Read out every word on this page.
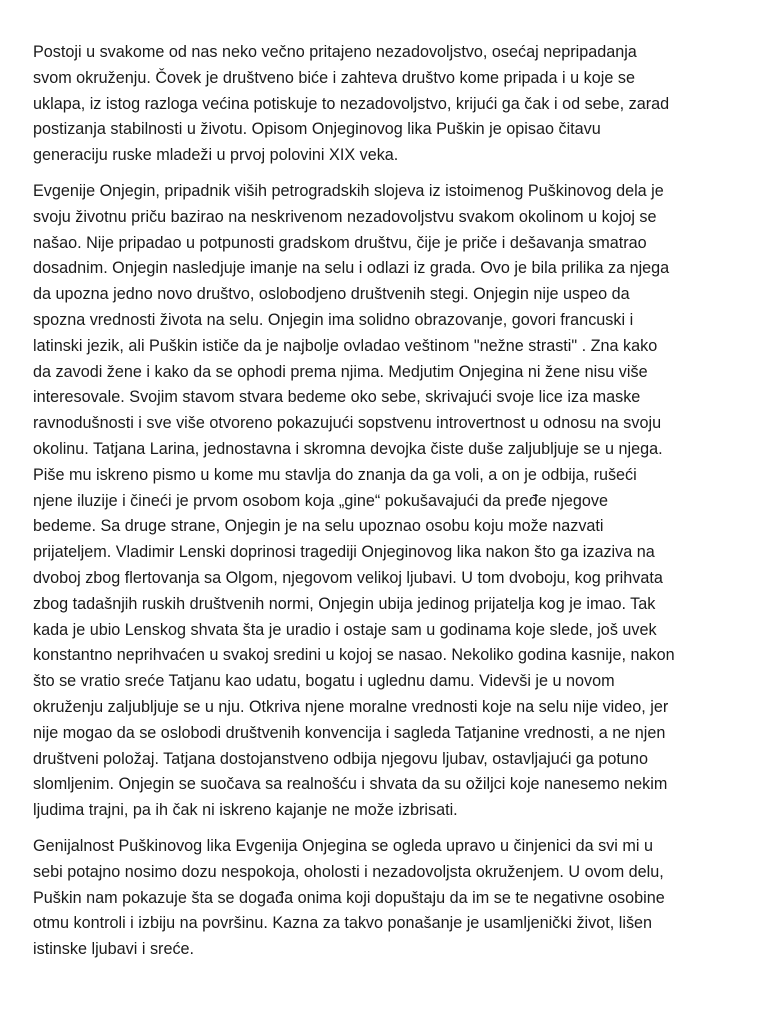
Postoji u svakome od nas neko večno pritajeno nezadovoljstvo, osećaj nepripadanja
svom okruženju. Čovek je društveno biće i zahteva društvo kome pripada i u koje se
uklapa, iz istog razloga većina potiskuje to nezadovoljstvo, krijući ga čak i od sebe, zarad
postizanja stabilnosti u životu. Opisom Onjeginovog lika Puškin je opisao čitavu
generaciju ruske mladeži u prvoj polovini XIX veka.

Evgenije Onjegin, pripadnik viših petrogradskih slojeva iz istoimenog Puškinovog dela je
svoju životnu priču bazirao na neskrivenom nezadovoljstvu svakom okolinom u kojoj se
našao. Nije pripadao u potpunosti gradskom društvu, čije je priče i dešavanja smatrao
dosadnim. Onjegin nasledjuje imanje na selu i odlazi iz grada. Ovo je bila prilika za njega
da upozna jedno novo društvo, oslobodjeno društvenih stegi. Onjegin nije uspeo da
spozna vrednosti života na selu. Onjegin ima solidno obrazovanje, govori francuski i
latinski jezik, ali Puškin ističe da je najbolje ovladao veštinom "nežne strasti" . Zna kako
da zavodi žene i kako da se ophodi prema njima. Medjutim Onjegina ni žene nisu više
interesovale. Svojim stavom stvara bedeme oko sebe, skrivajući svoje lice iza maske
ravnodušnosti i sve više otvoreno pokazujući sopstvenu introvertnost u odnosu na svoju
okolinu. Tatjana Larina, jednostavna i skromna devojka čiste duše zaljubljuje se u njega.
Piše mu iskreno pismo u kome mu stavlja do znanja da ga voli, a on je odbija, rušeći
njene iluzije i čineći je prvom osobom koja „gine“ pokušavajući da pređe njegove
bedeme. Sa druge strane, Onjegin je na selu upoznao osobu koju može nazvati
prijateljem. Vladimir Lenski doprinosi tragediji Onjeginovog lika nakon što ga izaziva na
dvoboj zbog flertovanja sa Olgom, njegovom velikoj ljubavi. U tom dvoboju, kog prihvata
zbog tadašnjih ruskih društvenih normi, Onjegin ubija jedinog prijatelja kog je imao. Tak
kada je ubio Lenskog shvata šta je uradio i ostaje sam u godinama koje slede, još uvek
konstantno neprihvaćen u svakoj sredini u kojoj se nasao. Nekoliko godina kasnije, nakon
što se vratio sreće Tatjanu kao udatu, bogatu i uglednu damu. Videvši je u novom
okruženju zaljubljuje se u nju. Otkriva njene moralne vrednosti koje na selu nije video, jer
nije mogao da se oslobodi društvenih konvencija i sagleda Tatjanine vrednosti, a ne njen
društveni položaj. Tatjana dostojanstveno odbija njegovu ljubav, ostavljajući ga potuno
slomljenim. Onjegin se suočava sa realnošću i shvata da su ožiljci koje nanesemo nekim
ljudima trajni, pa ih čak ni iskreno kajanje ne može izbrisati.

Genijalnost Puškinovog lika Evgenija Onjegina se ogleda upravo u činjenici da svi mi u
sebi potajno nosimo dozu nespokoja, oholosti i nezadovoljsta okruženjem. U ovom delu,
Puškin nam pokazuje šta se događa onima koji dopuštaju da im se te negativne osobine
otmu kontroli i izbiju na površinu. Kazna za takvo ponašanje je usamljenički život, lišen
istinske ljubavi i sreće.
